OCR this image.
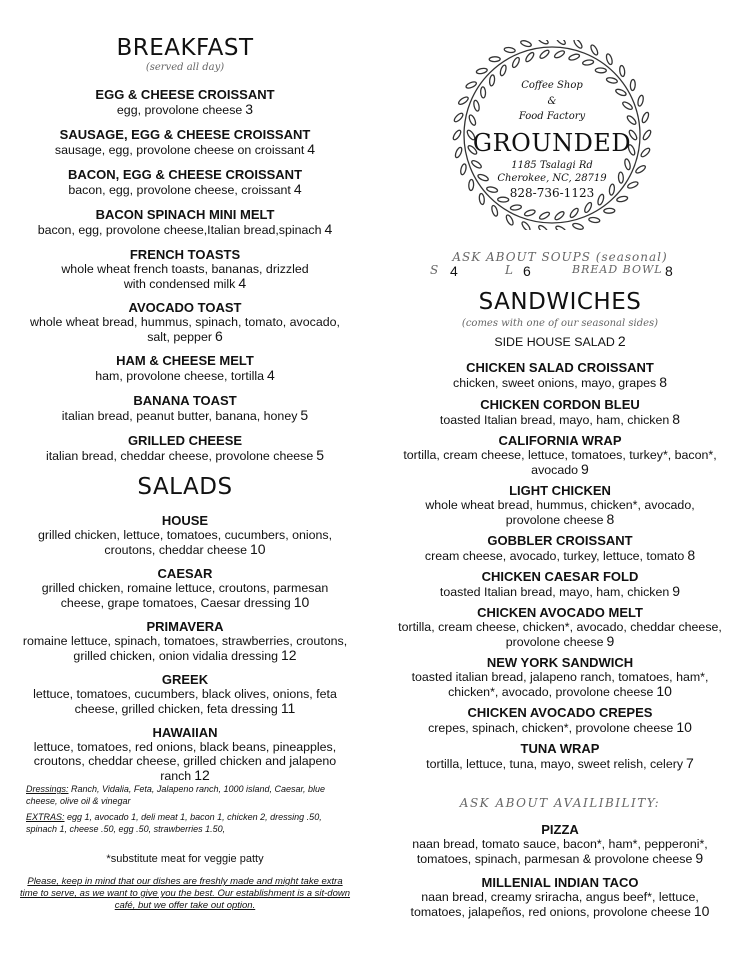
BREAKFAST
(served all day)
EGG & CHEESE CROISSANT
egg, provolone cheese 3
SAUSAGE, EGG & CHEESE CROISSANT
sausage, egg, provolone cheese on croissant 4
BACON, EGG & CHEESE CROISSANT
bacon, egg, provolone cheese, croissant 4
BACON SPINACH MINI MELT
bacon, egg, provolone cheese,Italian bread,spinach 4
FRENCH TOASTS
whole wheat french toasts, bananas, drizzled with condensed milk 4
AVOCADO TOAST
whole wheat bread, hummus, spinach, tomato, avocado, salt, pepper 6
HAM & CHEESE MELT
ham, provolone cheese, tortilla 4
BANANA TOAST
italian bread, peanut butter, banana, honey 5
GRILLED CHEESE
italian bread, cheddar cheese, provolone cheese 5
SALADS
HOUSE
grilled chicken, lettuce, tomatoes, cucumbers, onions, croutons, cheddar cheese 10
CAESAR
grilled chicken, romaine lettuce, croutons, parmesan cheese, grape tomatoes, Caesar dressing 10
PRIMAVERA
romaine lettuce, spinach, tomatoes, strawberries, croutons, grilled chicken, onion vidalia dressing 12
GREEK
lettuce, tomatoes, cucumbers, black olives, onions, feta cheese, grilled chicken, feta dressing 11
HAWAIIAN
lettuce, tomatoes, red onions, black beans, pineapples, croutons, cheddar cheese, grilled chicken and jalapeno ranch 12
Dressings: Ranch, Vidalia, Feta, Jalapeno ranch, 1000 island, Caesar, blue cheese, olive oil & vinegar
EXTRAS: egg 1, avocado 1, deli meat 1, bacon 1, chicken 2, dressing .50, spinach 1, cheese .50, egg .50, strawberries 1.50,
*substitute meat for veggie patty
Please, keep in mind that our dishes are freshly made and might take extra time to serve, as we want to give you the best. Our establishment is a sit-down café, but we offer take out option.
Coffee Shop
&
Food Factory
GROUNDED
1185 Tsalagi Rd
Cherokee, NC, 28719
828-736-1123
ASK ABOUT SOUPS (seasonal)
S 4	L 6	BREAD BOWL 8
SANDWICHES
(comes with one of our seasonal sides)
SIDE HOUSE SALAD 2
CHICKEN SALAD CROISSANT
chicken, sweet onions, mayo, grapes 8
CHICKEN CORDON BLEU
toasted Italian bread, mayo, ham, chicken 8
CALIFORNIA WRAP
tortilla, cream cheese, lettuce, tomatoes, turkey*, bacon*, avocado 9
LIGHT CHICKEN
whole wheat bread, hummus, chicken*, avocado, provolone cheese 8
GOBBLER CROISSANT
cream cheese, avocado, turkey, lettuce, tomato 8
CHICKEN CAESAR FOLD
toasted Italian bread, mayo, ham, chicken 9
CHICKEN AVOCADO MELT
tortilla, cream cheese, chicken*, avocado, cheddar cheese, provolone cheese 9
NEW YORK SANDWICH
toasted italian bread, jalapeno ranch, tomatoes, ham*, chicken*, avocado, provolone cheese 10
CHICKEN AVOCADO CREPES
crepes, spinach, chicken*, provolone cheese 10
TUNA WRAP
tortilla, lettuce, tuna, mayo, sweet relish, celery 7
ASK ABOUT AVAILIBILITY:
PIZZA
naan bread, tomato sauce, bacon*, ham*, pepperoni*, tomatoes, spinach, parmesan & provolone cheese 9
MILLENIAL INDIAN TACO
naan bread, creamy sriracha, angus beef*, lettuce, tomatoes, jalapeños, red onions, provolone cheese 10
